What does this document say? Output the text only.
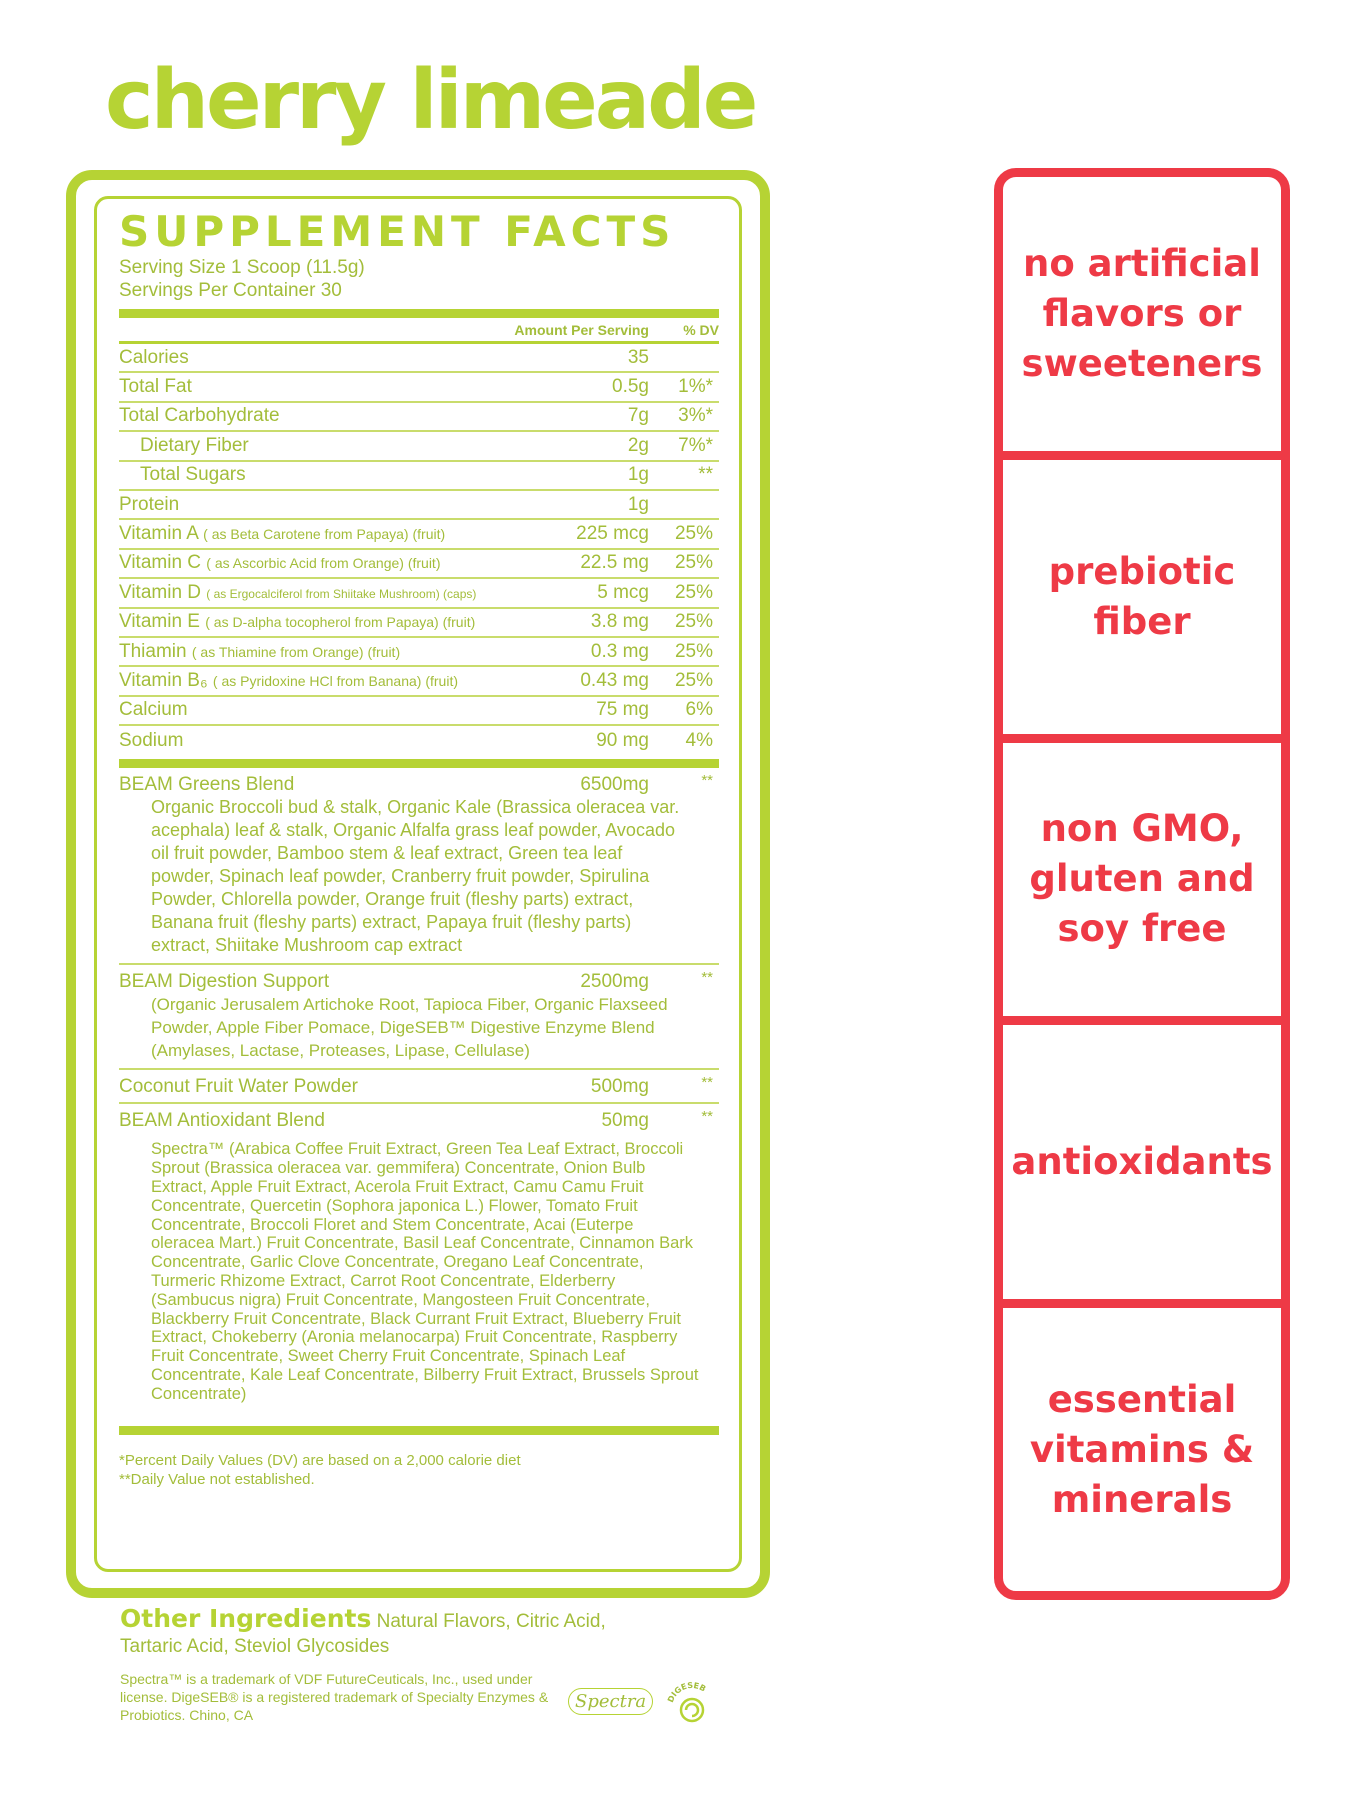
cherry limeade
SUPPLEMENT FACTS
Serving Size 1 Scoop (11.5g)
Servings Per Container 30
Amount Per Serving	% DV
Calories	35
Total Fat	0.5g	1%*
Total Carbohydrate	7g	3%*
Dietary Fiber	2g	7%*
Total Sugars	1g	**
Protein	1g
Vitamin A ( as Beta Carotene from Papaya) (fruit)	225 mcg	25%
Vitamin C ( as Ascorbic Acid from Orange) (fruit)	22.5 mg	25%
Vitamin D ( as Ergocalciferol from Shiitake Mushroom) (caps)	5 mcg	25%
Vitamin E ( as D-alpha tocopherol from Papaya) (fruit)	3.8 mg	25%
Thiamin ( as Thiamine from Orange) (fruit)	0.3 mg	25%
Vitamin B₆ ( as Pyridoxine HCl from Banana) (fruit)	0.43 mg	25%
Calcium	75 mg	6%
Sodium	90 mg	4%
BEAM Greens Blend	6500mg	**
Organic Broccoli bud & stalk, Organic Kale (Brassica oleracea var. acephala) leaf & stalk, Organic Alfalfa grass leaf powder, Avocado oil fruit powder, Bamboo stem & leaf extract, Green tea leaf powder, Spinach leaf powder, Cranberry fruit powder, Spirulina Powder, Chlorella powder, Orange fruit (fleshy parts) extract, Banana fruit (fleshy parts) extract, Papaya fruit (fleshy parts) extract, Shiitake Mushroom cap extract
BEAM Digestion Support	2500mg	**
(Organic Jerusalem Artichoke Root, Tapioca Fiber, Organic Flaxseed Powder, Apple Fiber Pomace, DigeSEB™ Digestive Enzyme Blend (Amylases, Lactase, Proteases, Lipase, Cellulase)
Coconut Fruit Water Powder	500mg	**
BEAM Antioxidant Blend	50mg	**
Spectra™ (Arabica Coffee Fruit Extract, Green Tea Leaf Extract, Broccoli Sprout (Brassica oleracea var. gemmifera) Concentrate, Onion Bulb Extract, Apple Fruit Extract, Acerola Fruit Extract, Camu Camu Fruit Concentrate, Quercetin (Sophora japonica L.) Flower, Tomato Fruit Concentrate, Broccoli Floret and Stem Concentrate, Acai (Euterpe oleracea Mart.) Fruit Concentrate, Basil Leaf Concentrate, Cinnamon Bark Concentrate, Garlic Clove Concentrate, Oregano Leaf Concentrate, Turmeric Rhizome Extract, Carrot Root Concentrate, Elderberry (Sambucus nigra) Fruit Concentrate, Mangosteen Fruit Concentrate, Blackberry Fruit Concentrate, Black Currant Fruit Extract, Blueberry Fruit Extract, Chokeberry (Aronia melanocarpa) Fruit Concentrate, Raspberry Fruit Concentrate, Sweet Cherry Fruit Concentrate, Spinach Leaf Concentrate, Kale Leaf Concentrate, Bilberry Fruit Extract, Brussels Sprout Concentrate)
*Percent Daily Values (DV) are based on a 2,000 calorie diet
**Daily Value not established.
Other Ingredients Natural Flavors, Citric Acid, Tartaric Acid, Steviol Glycosides
Spectra™ is a trademark of VDF FutureCeuticals, Inc., used under license. DigeSEB® is a registered trademark of Specialty Enzymes & Probiotics. Chino, CA
Spectra	DIGESEB
no artificial flavors or sweeteners
prebiotic fiber
non GMO, gluten and soy free
antioxidants
essential vitamins & minerals
